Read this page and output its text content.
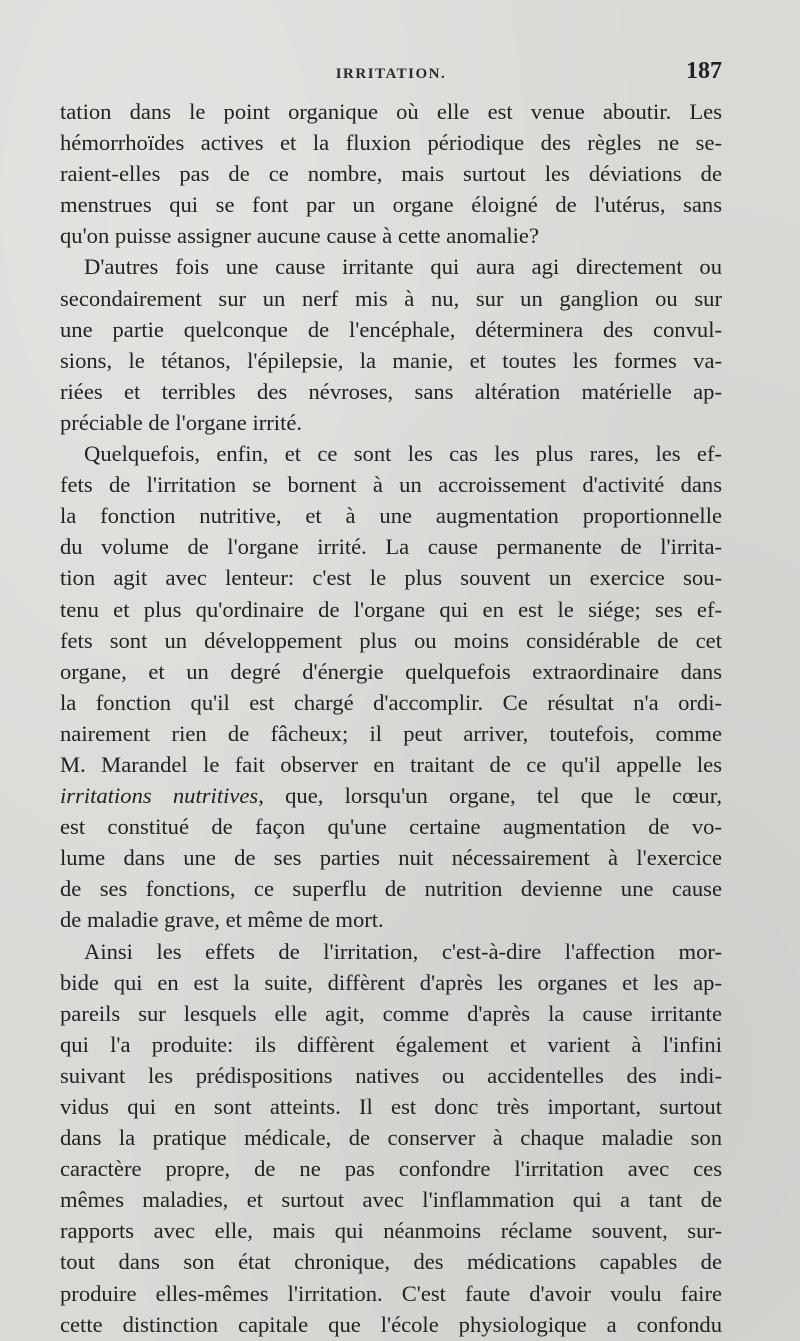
IRRITATION.	187
tation dans le point organique où elle est venue aboutir. Les
hémorrhoïdes actives et la fluxion périodique des règles ne se-
raient-elles pas de ce nombre, mais surtout les déviations de
menstrues qui se font par un organe éloigné de l'utérus, sans
qu'on puisse assigner aucune cause à cette anomalie?
D'autres fois une cause irritante qui aura agi directement ou
secondairement sur un nerf mis à nu, sur un ganglion ou sur
une partie quelconque de l'encéphale, déterminera des convul-
sions, le tétanos, l'épilepsie, la manie, et toutes les formes va-
riées et terribles des névroses, sans altération matérielle ap-
préciable de l'organe irrité.
Quelquefois, enfin, et ce sont les cas les plus rares, les ef-
fets de l'irritation se bornent à un accroissement d'activité dans
la fonction nutritive, et à une augmentation proportionnelle
du volume de l'organe irrité. La cause permanente de l'irrita-
tion agit avec lenteur: c'est le plus souvent un exercice sou-
tenu et plus qu'ordinaire de l'organe qui en est le siége; ses ef-
fets sont un développement plus ou moins considérable de cet
organe, et un degré d'énergie quelquefois extraordinaire dans
la fonction qu'il est chargé d'accomplir. Ce résultat n'a ordi-
nairement rien de fâcheux; il peut arriver, toutefois, comme
M. Marandel le fait observer en traitant de ce qu'il appelle les
irritations nutritives, que, lorsqu'un organe, tel que le cœur,
est constitué de façon qu'une certaine augmentation de vo-
lume dans une de ses parties nuit nécessairement à l'exercice
de ses fonctions, ce superflu de nutrition devienne une cause
de maladie grave, et même de mort.
Ainsi les effets de l'irritation, c'est-à-dire l'affection mor-
bide qui en est la suite, diffèrent d'après les organes et les ap-
pareils sur lesquels elle agit, comme d'après la cause irritante
qui l'a produite: ils diffèrent également et varient à l'infini
suivant les prédispositions natives ou accidentelles des indi-
vidus qui en sont atteints. Il est donc très important, surtout
dans la pratique médicale, de conserver à chaque maladie son
caractère propre, de ne pas confondre l'irritation avec ces
mêmes maladies, et surtout avec l'inflammation qui a tant de
rapports avec elle, mais qui néanmoins réclame souvent, sur-
tout dans son état chronique, des médications capables de
produire elles-mêmes l'irritation. C'est faute d'avoir voulu faire
cette distinction capitale que l'école physiologique a confondu
